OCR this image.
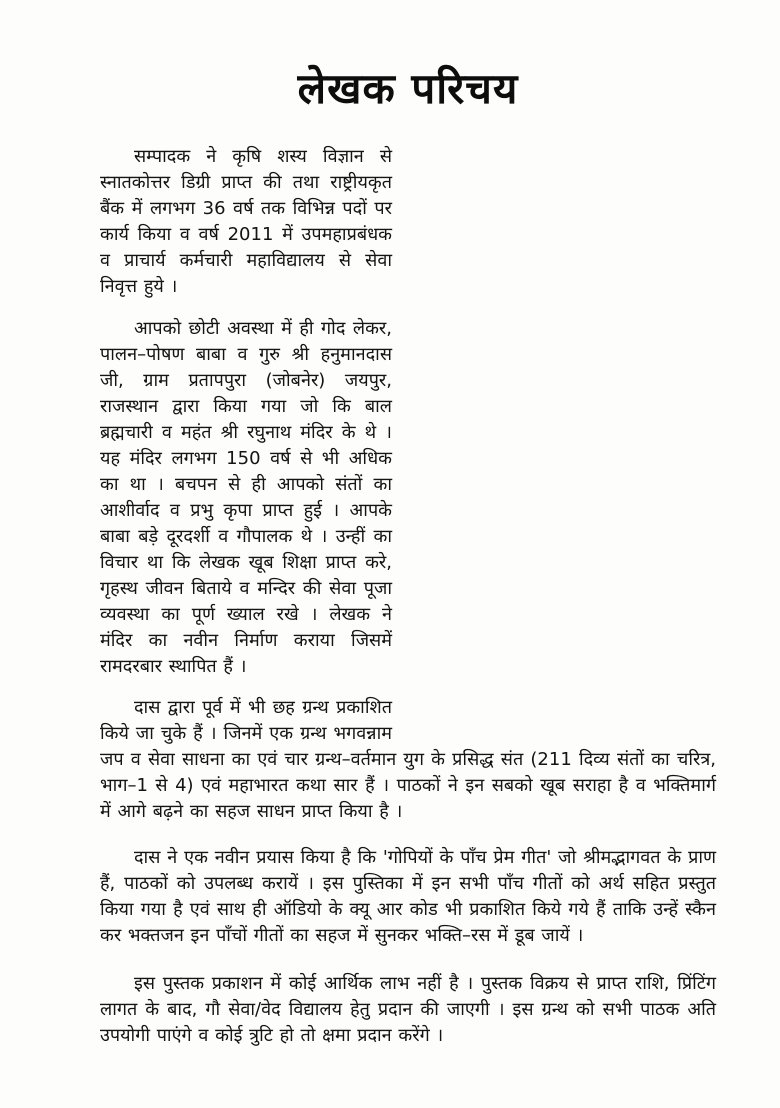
लेखक परिचय
सम्पादक ने कृषि शस्य विज्ञान से स्नातकोत्तर डिग्री प्राप्त की तथा राष्ट्रीयकृत बैंक में लगभग 36 वर्ष तक विभिन्न पदों पर कार्य किया व वर्ष 2011 में उपमहाप्रबंधक व प्राचार्य कर्मचारी महाविद्यालय से सेवा निवृत्त हुये ।
आपको छोटी अवस्था में ही गोद लेकर, पालन–पोषण बाबा व गुरु श्री हनुमानदास जी, ग्राम प्रतापपुरा (जोबनेर) जयपुर, राजस्थान द्वारा किया गया जो कि बाल ब्रह्मचारी व महंत श्री रघुनाथ मंदिर के थे । यह मंदिर लगभग 150 वर्ष से भी अधिक का था । बचपन से ही आपको संतों का आशीर्वाद व प्रभु कृपा प्राप्त हुई । आपके बाबा बड़े दूरदर्शी व गौपालक थे । उन्हीं का विचार था कि लेखक खूब शिक्षा प्राप्त करे, गृहस्थ जीवन बिताये व मन्दिर की सेवा पूजा व्यवस्था का पूर्ण ख्याल रखे । लेखक ने मंदिर का नवीन निर्माण कराया जिसमें रामदरबार स्थापित हैं ।
दास द्वारा पूर्व में भी छह ग्रन्थ प्रकाशित किये जा चुके हैं । जिनमें एक ग्रन्थ भगवन्नाम जप व सेवा साधना का एवं चार ग्रन्थ–वर्तमान युग के प्रसिद्ध संत (211 दिव्य संतों का चरित्र, भाग–1 से 4) एवं महाभारत कथा सार हैं । पाठकों ने इन सबको खूब सराहा है व भक्तिमार्ग में आगे बढ़ने का सहज साधन प्राप्त किया है ।
दास ने एक नवीन प्रयास किया है कि 'गोपियों के पाँच प्रेम गीत' जो श्रीमद्भागवत के प्राण हैं, पाठकों को उपलब्ध करायें । इस पुस्तिका में इन सभी पाँच गीतों को अर्थ सहित प्रस्तुत किया गया है एवं साथ ही ऑडियो के क्यू आर कोड भी प्रकाशित किये गये हैं ताकि उन्हें स्कैन कर भक्तजन इन पाँचों गीतों का सहज में सुनकर भक्ति–रस में डूब जायें ।
इस पुस्तक प्रकाशन में कोई आर्थिक लाभ नहीं है । पुस्तक विक्रय से प्राप्त राशि, प्रिंटिंग लागत के बाद, गौ सेवा/वेद विद्यालय हेतु प्रदान की जाएगी । इस ग्रन्थ को सभी पाठक अति उपयोगी पाएंगे व कोई त्रुटि हो तो क्षमा प्रदान करेंगे ।
